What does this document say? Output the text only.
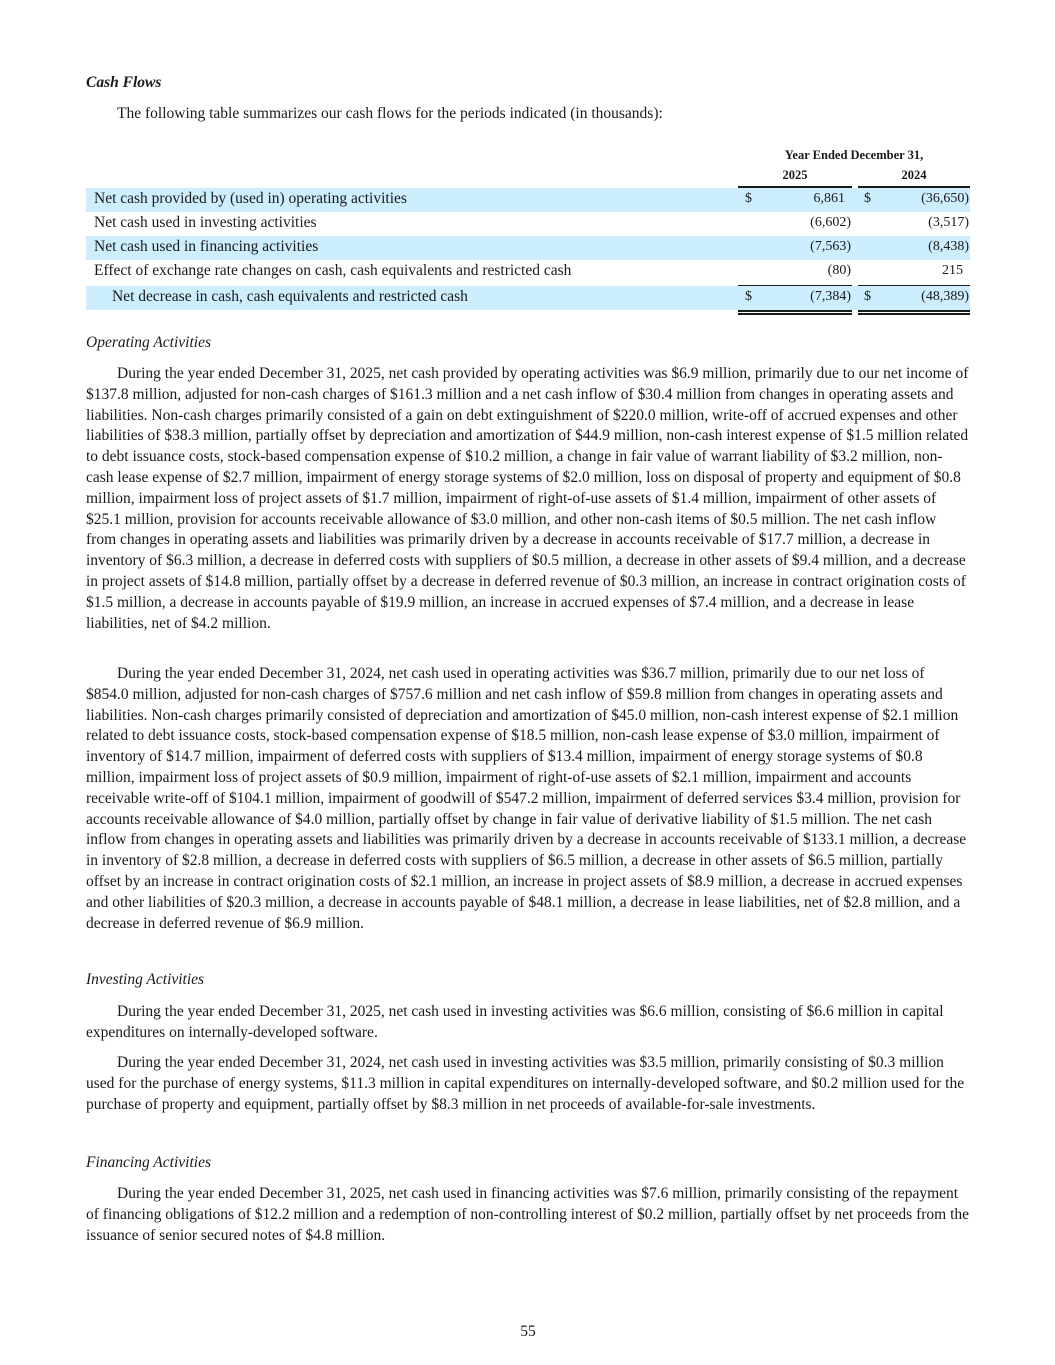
Cash Flows
The following table summarizes our cash flows for the periods indicated (in thousands):
Year Ended December 31,
2025	2024
Net cash provided by (used in) operating activities	$	6,861	$	(36,650)
Net cash used in investing activities	(6,602)	(3,517)
Net cash used in financing activities	(7,563)	(8,438)
Effect of exchange rate changes on cash, cash equivalents and restricted cash	(80)	215
Net decrease in cash, cash equivalents and restricted cash	$	(7,384) $	(48,389)
Operating Activities
During the year ended December 31, 2025, net cash provided by operating activities was $6.9 million, primarily due to our net income of $137.8 million, adjusted for non-cash charges of $161.3 million and a net cash inflow of $30.4 million from changes in operating assets and liabilities. Non-cash charges primarily consisted of a gain on debt extinguishment of $220.0 million, write-off of accrued expenses and other liabilities of $38.3 million, partially offset by depreciation and amortization of $44.9 million, non-cash interest expense of $1.5 million related to debt issuance costs, stock-based compensation expense of $10.2 million, a change in fair value of warrant liability of $3.2 million, non-cash lease expense of $2.7 million, impairment of energy storage systems of $2.0 million, loss on disposal of property and equipment of $0.8 million, impairment loss of project assets of $1.7 million, impairment of right-of-use assets of $1.4 million, impairment of other assets of $25.1 million, provision for accounts receivable allowance of $3.0 million, and other non-cash items of $0.5 million. The net cash inflow from changes in operating assets and liabilities was primarily driven by a decrease in accounts receivable of $17.7 million, a decrease in inventory of $6.3 million, a decrease in deferred costs with suppliers of $0.5 million, a decrease in other assets of $9.4 million, and a decrease in project assets of $14.8 million, partially offset by a decrease in deferred revenue of $0.3 million, an increase in contract origination costs of $1.5 million, a decrease in accounts payable of $19.9 million, an increase in accrued expenses of $7.4 million, and a decrease in lease liabilities, net of $4.2 million.
During the year ended December 31, 2024, net cash used in operating activities was $36.7 million, primarily due to our net loss of $854.0 million, adjusted for non-cash charges of $757.6 million and net cash inflow of $59.8 million from changes in operating assets and liabilities. Non-cash charges primarily consisted of depreciation and amortization of $45.0 million, non-cash interest expense of $2.1 million related to debt issuance costs, stock-based compensation expense of $18.5 million, non-cash lease expense of $3.0 million, impairment of inventory of $14.7 million, impairment of deferred costs with suppliers of $13.4 million, impairment of energy storage systems of $0.8 million, impairment loss of project assets of $0.9 million, impairment of right-of-use assets of $2.1 million, impairment and accounts receivable write-off of $104.1 million, impairment of goodwill of $547.2 million, impairment of deferred services $3.4 million, provision for accounts receivable allowance of $4.0 million, partially offset by change in fair value of derivative liability of $1.5 million. The net cash inflow from changes in operating assets and liabilities was primarily driven by a decrease in accounts receivable of $133.1 million, a decrease in inventory of $2.8 million, a decrease in deferred costs with suppliers of $6.5 million, a decrease in other assets of $6.5 million, partially offset by an increase in contract origination costs of $2.1 million, an increase in project assets of $8.9 million, a decrease in accrued expenses and other liabilities of $20.3 million, a decrease in accounts payable of $48.1 million, a decrease in lease liabilities, net of $2.8 million, and a decrease in deferred revenue of $6.9 million.
Investing Activities
During the year ended December 31, 2025, net cash used in investing activities was $6.6 million, consisting of $6.6 million in capital expenditures on internally-developed software.
During the year ended December 31, 2024, net cash used in investing activities was $3.5 million, primarily consisting of $0.3 million used for the purchase of energy systems, $11.3 million in capital expenditures on internally-developed software, and $0.2 million used for the purchase of property and equipment, partially offset by $8.3 million in net proceeds of available-for-sale investments.
Financing Activities
During the year ended December 31, 2025, net cash used in financing activities was $7.6 million, primarily consisting of the repayment of financing obligations of $12.2 million and a redemption of non-controlling interest of $0.2 million, partially offset by net proceeds from the issuance of senior secured notes of $4.8 million.
55
